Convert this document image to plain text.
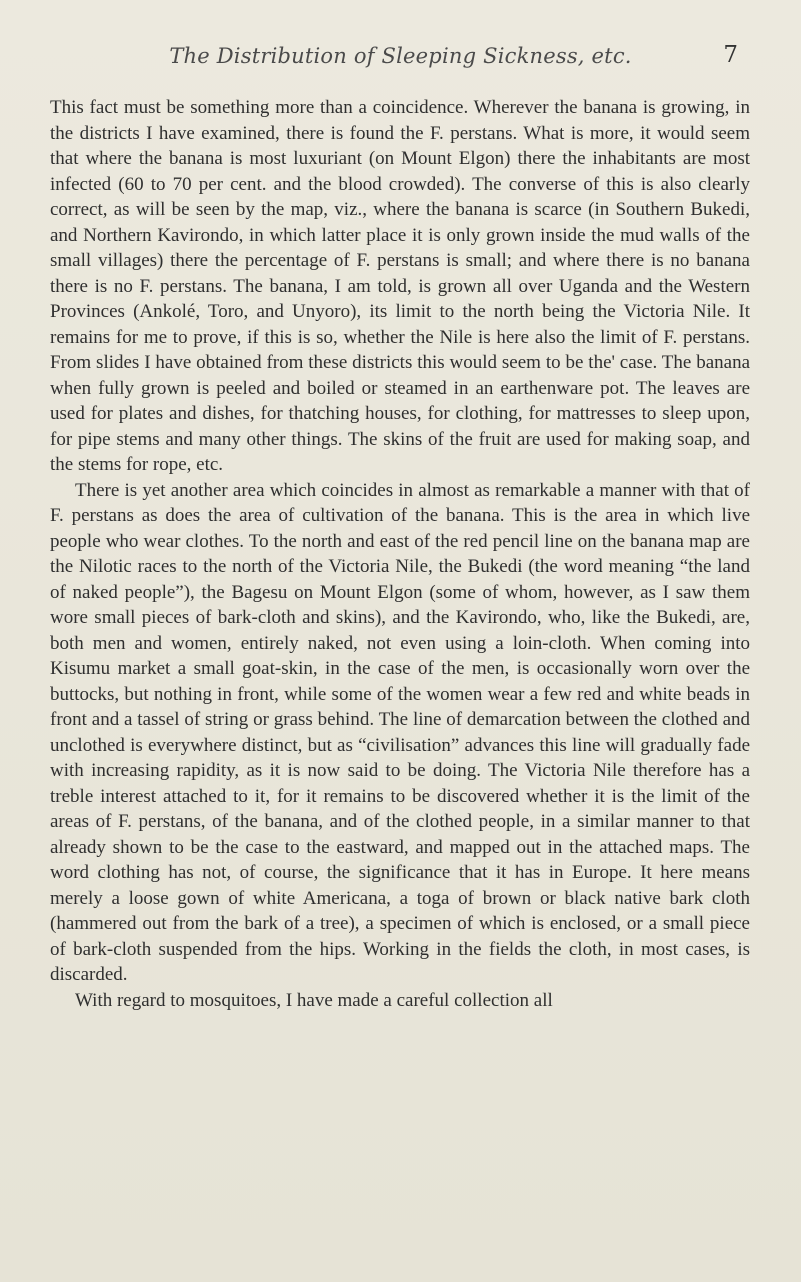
The Distribution of Sleeping Sickness, etc.	7

This fact must be something more than a coincidence. Wherever the banana is growing, in the districts I have examined, there is found the F. perstans. What is more, it would seem that where the banana is most luxuriant (on Mount Elgon) there the inhabitants are most infected (60 to 70 per cent. and the blood crowded). The converse of this is also clearly correct, as will be seen by the map, viz., where the banana is scarce (in Southern Bukedi, and Northern Kavirondo, in which latter place it is only grown inside the mud walls of the small villages) there the percentage of F. perstans is small; and where there is no banana there is no F. perstans. The banana, I am told, is grown all over Uganda and the Western Provinces (Ankolé, Toro, and Unyoro), its limit to the north being the Victoria Nile. It remains for me to prove, if this is so, whether the Nile is here also the limit of F. perstans. From slides I have obtained from these districts this would seem to be the' case. The banana when fully grown is peeled and boiled or steamed in an earthenware pot. The leaves are used for plates and dishes, for thatching houses, for clothing, for mattresses to sleep upon, for pipe stems and many other things. The skins of the fruit are used for making soap, and the stems for rope, etc.

There is yet another area which coincides in almost as remarkable a manner with that of F. perstans as does the area of cultivation of the banana. This is the area in which live people who wear clothes. To the north and east of the red pencil line on the banana map are the Nilotic races to the north of the Victoria Nile, the Bukedi (the word meaning “the land of naked people”), the Bagesu on Mount Elgon (some of whom, however, as I saw them wore small pieces of bark-cloth and skins), and the Kavirondo, who, like the Bukedi, are, both men and women, entirely naked, not even using a loin-cloth. When coming into Kisumu market a small goat-skin, in the case of the men, is occasionally worn over the buttocks, but nothing in front, while some of the women wear a few red and white beads in front and a tassel of string or grass behind. The line of demarcation between the clothed and unclothed is everywhere distinct, but as “civilisation” advances this line will gradually fade with increasing rapidity, as it is now said to be doing. The Victoria Nile therefore has a treble interest attached to it, for it remains to be discovered whether it is the limit of the areas of F. perstans, of the banana, and of the clothed people, in a similar manner to that already shown to be the case to the eastward, and mapped out in the attached maps. The word clothing has not, of course, the significance that it has in Europe. It here means merely a loose gown of white Americana, a toga of brown or black native bark cloth (hammered out from the bark of a tree), a specimen of which is enclosed, or a small piece of bark-cloth suspended from the hips. Working in the fields the cloth, in most cases, is discarded.

With regard to mosquitoes, I have made a careful collection all
